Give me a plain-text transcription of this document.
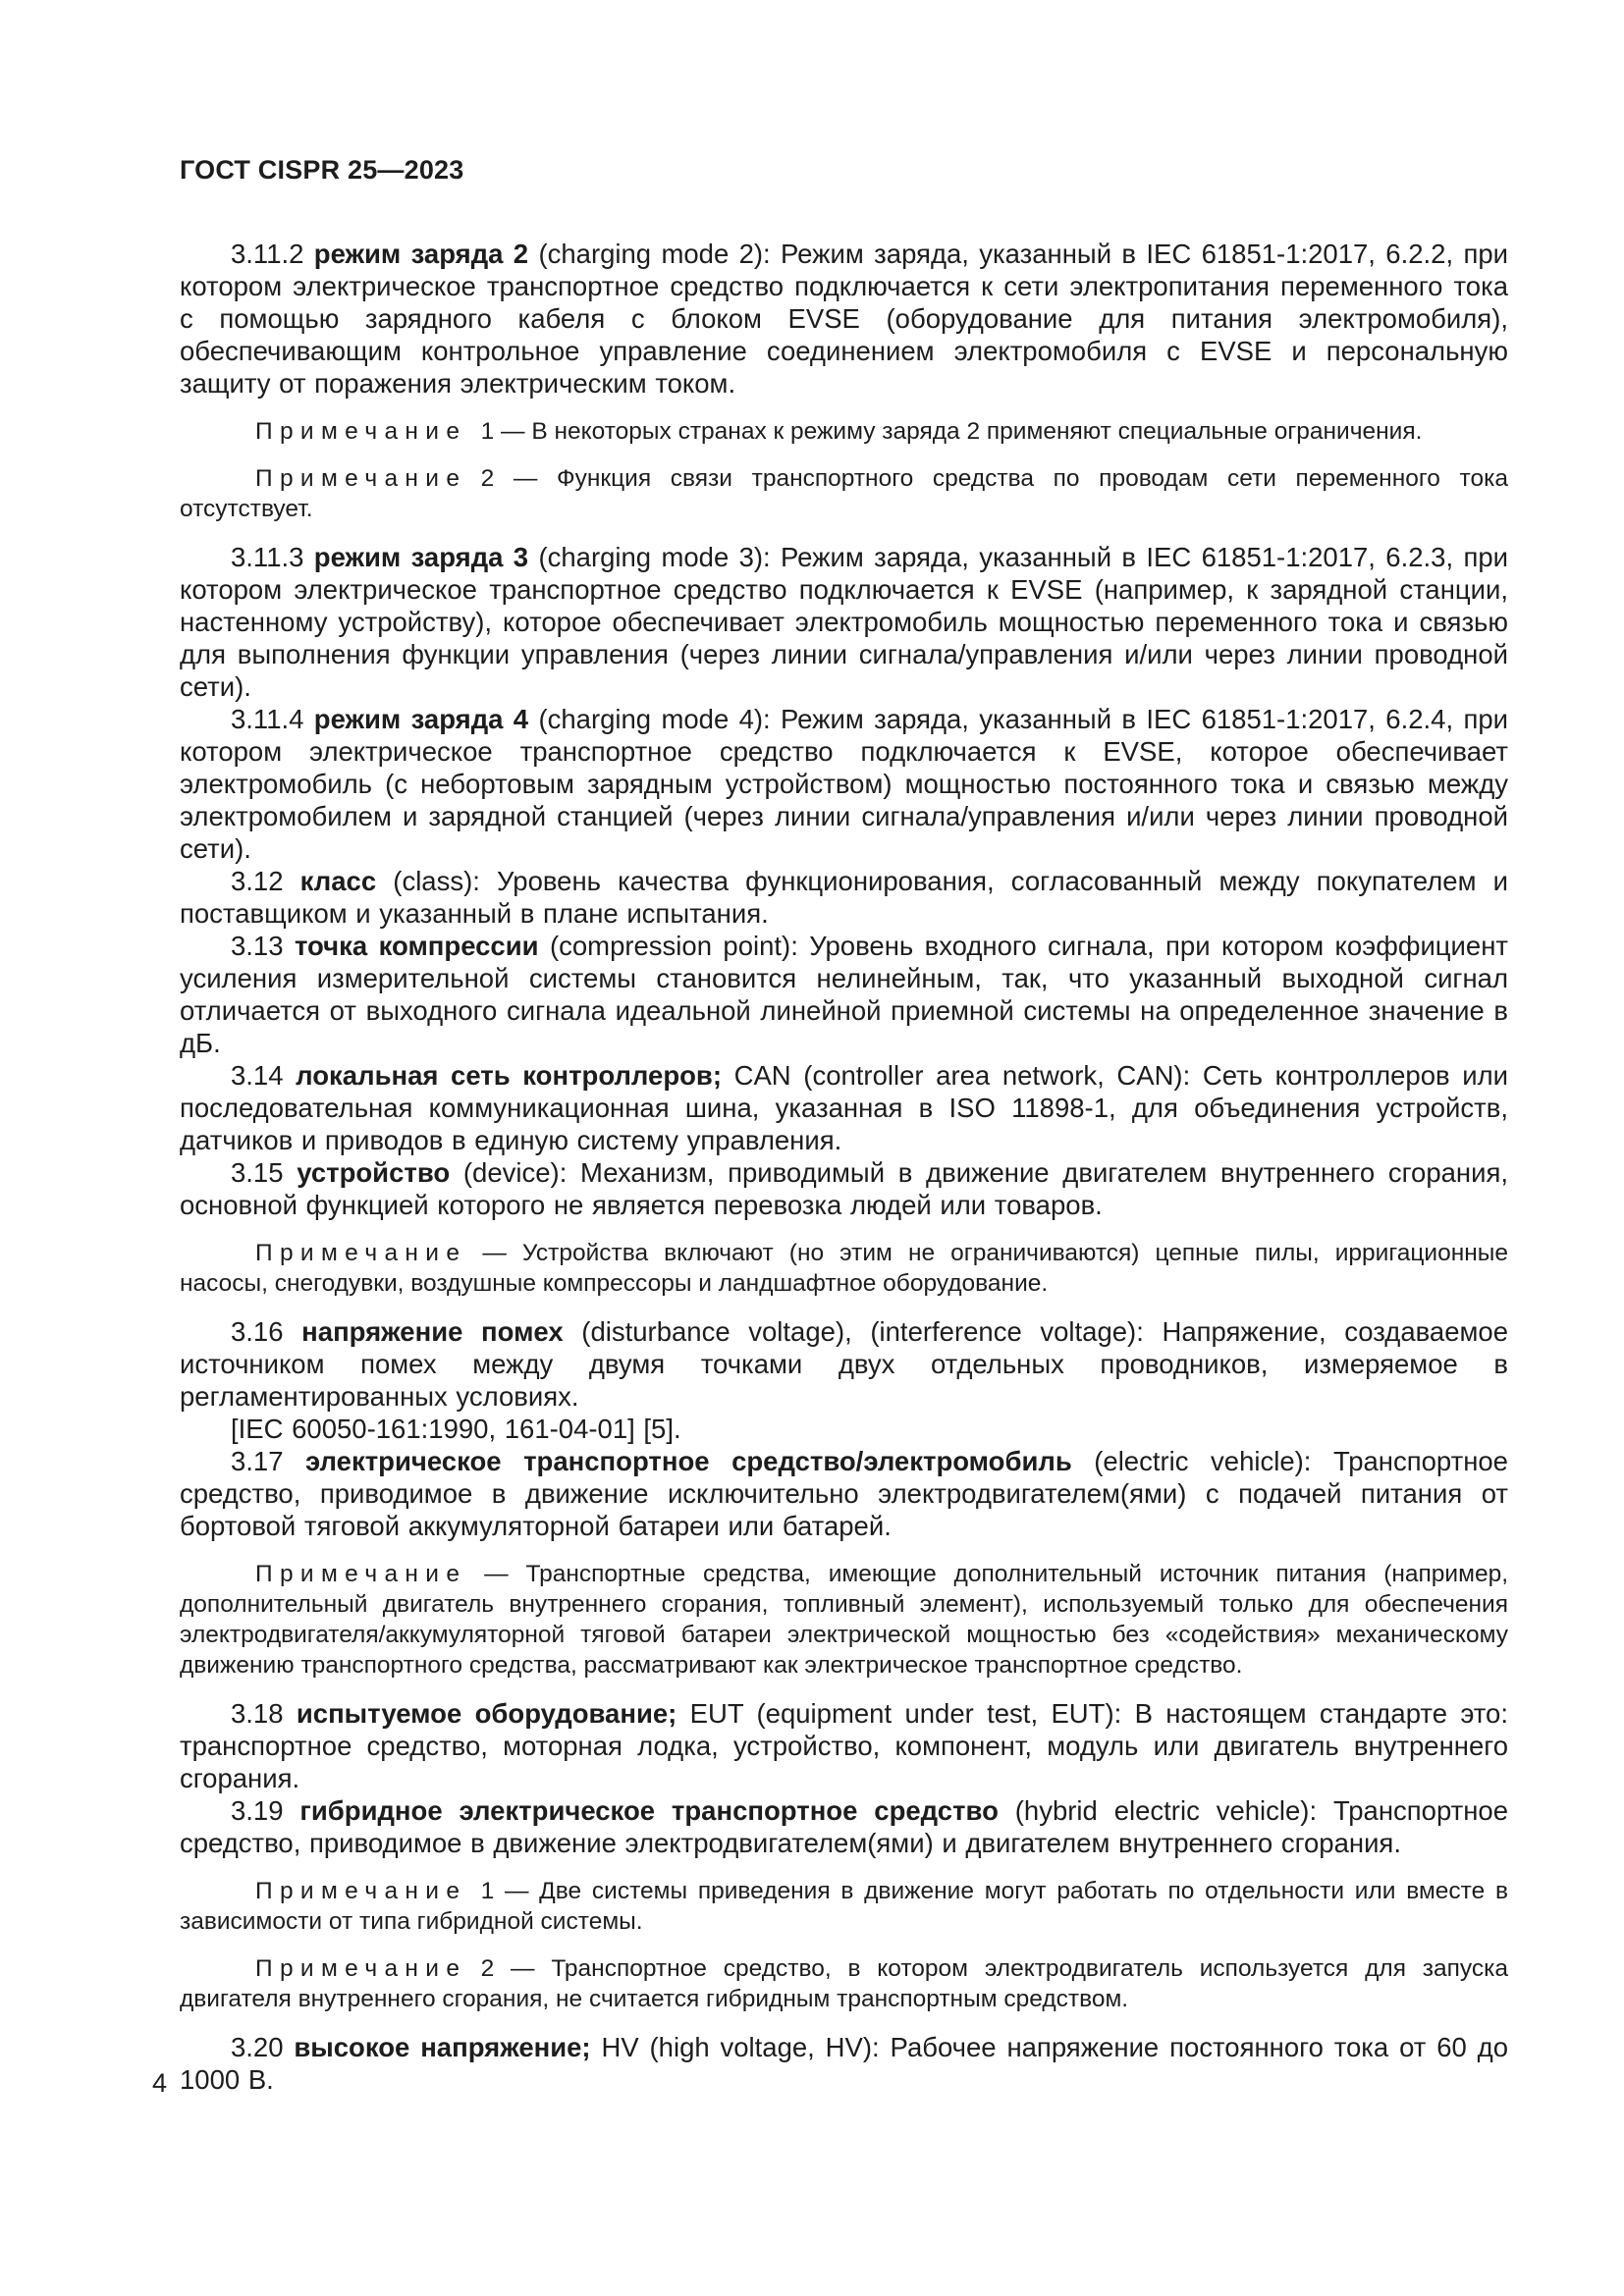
ГОСТ CISPR 25—2023

3.11.2 режим заряда 2 (charging mode 2): Режим заряда, указанный в IEC 61851-1:2017, 6.2.2, при котором электрическое транспортное средство подключается к сети электропитания переменного тока с помощью зарядного кабеля с блоком EVSE (оборудование для питания электромобиля), обеспечивающим контрольное управление соединением электромобиля с EVSE и персональную защиту от поражения электрическим током.

Примечание 1 — В некоторых странах к режиму заряда 2 применяют специальные ограничения.

Примечание 2 — Функция связи транспортного средства по проводам сети переменного тока отсутствует.

3.11.3 режим заряда 3 (charging mode 3): Режим заряда, указанный в IEC 61851-1:2017, 6.2.3, при котором электрическое транспортное средство подключается к EVSE (например, к зарядной станции, настенному устройству), которое обеспечивает электромобиль мощностью переменного тока и связью для выполнения функции управления (через линии сигнала/управления и/или через линии проводной сети).

3.11.4 режим заряда 4 (charging mode 4): Режим заряда, указанный в IEC 61851-1:2017, 6.2.4, при котором электрическое транспортное средство подключается к EVSE, которое обеспечивает электромобиль (с небортовым зарядным устройством) мощностью постоянного тока и связью между электромобилем и зарядной станцией (через линии сигнала/управления и/или через линии проводной сети).

3.12 класс (class): Уровень качества функционирования, согласованный между покупателем и поставщиком и указанный в плане испытания.

3.13 точка компрессии (compression point): Уровень входного сигнала, при котором коэффициент усиления измерительной системы становится нелинейным, так, что указанный выходной сигнал отличается от выходного сигнала идеальной линейной приемной системы на определенное значение в дБ.

3.14 локальная сеть контроллеров; CAN (controller area network, CAN): Сеть контроллеров или последовательная коммуникационная шина, указанная в ISO 11898-1, для объединения устройств, датчиков и приводов в единую систему управления.

3.15 устройство (device): Механизм, приводимый в движение двигателем внутреннего сгорания, основной функцией которого не является перевозка людей или товаров.

Примечание — Устройства включают (но этим не ограничиваются) цепные пилы, ирригационные насосы, снегодувки, воздушные компрессоры и ландшафтное оборудование.

3.16 напряжение помех (disturbance voltage), (interference voltage): Напряжение, создаваемое источником помех между двумя точками двух отдельных проводников, измеряемое в регламентированных условиях.

[IEC 60050-161:1990, 161-04-01] [5].

3.17 электрическое транспортное средство/электромобиль (electric vehicle): Транспортное средство, приводимое в движение исключительно электродвигателем(ями) с подачей питания от бортовой тяговой аккумуляторной батареи или батарей.

Примечание — Транспортные средства, имеющие дополнительный источник питания (например, дополнительный двигатель внутреннего сгорания, топливный элемент), используемый только для обеспечения электродвигателя/аккумуляторной тяговой батареи электрической мощностью без «содействия» механическому движению транспортного средства, рассматривают как электрическое транспортное средство.

3.18 испытуемое оборудование; EUT (equipment under test, EUT): В настоящем стандарте это: транспортное средство, моторная лодка, устройство, компонент, модуль или двигатель внутреннего сгорания.

3.19 гибридное электрическое транспортное средство (hybrid electric vehicle): Транспортное средство, приводимое в движение электродвигателем(ями) и двигателем внутреннего сгорания.

Примечание 1 — Две системы приведения в движение могут работать по отдельности или вместе в зависимости от типа гибридной системы.

Примечание 2 — Транспортное средство, в котором электродвигатель используется для запуска двигателя внутреннего сгорания, не считается гибридным транспортным средством.

3.20 высокое напряжение; HV (high voltage, HV): Рабочее напряжение постоянного тока от 60 до 1000 В.

4
